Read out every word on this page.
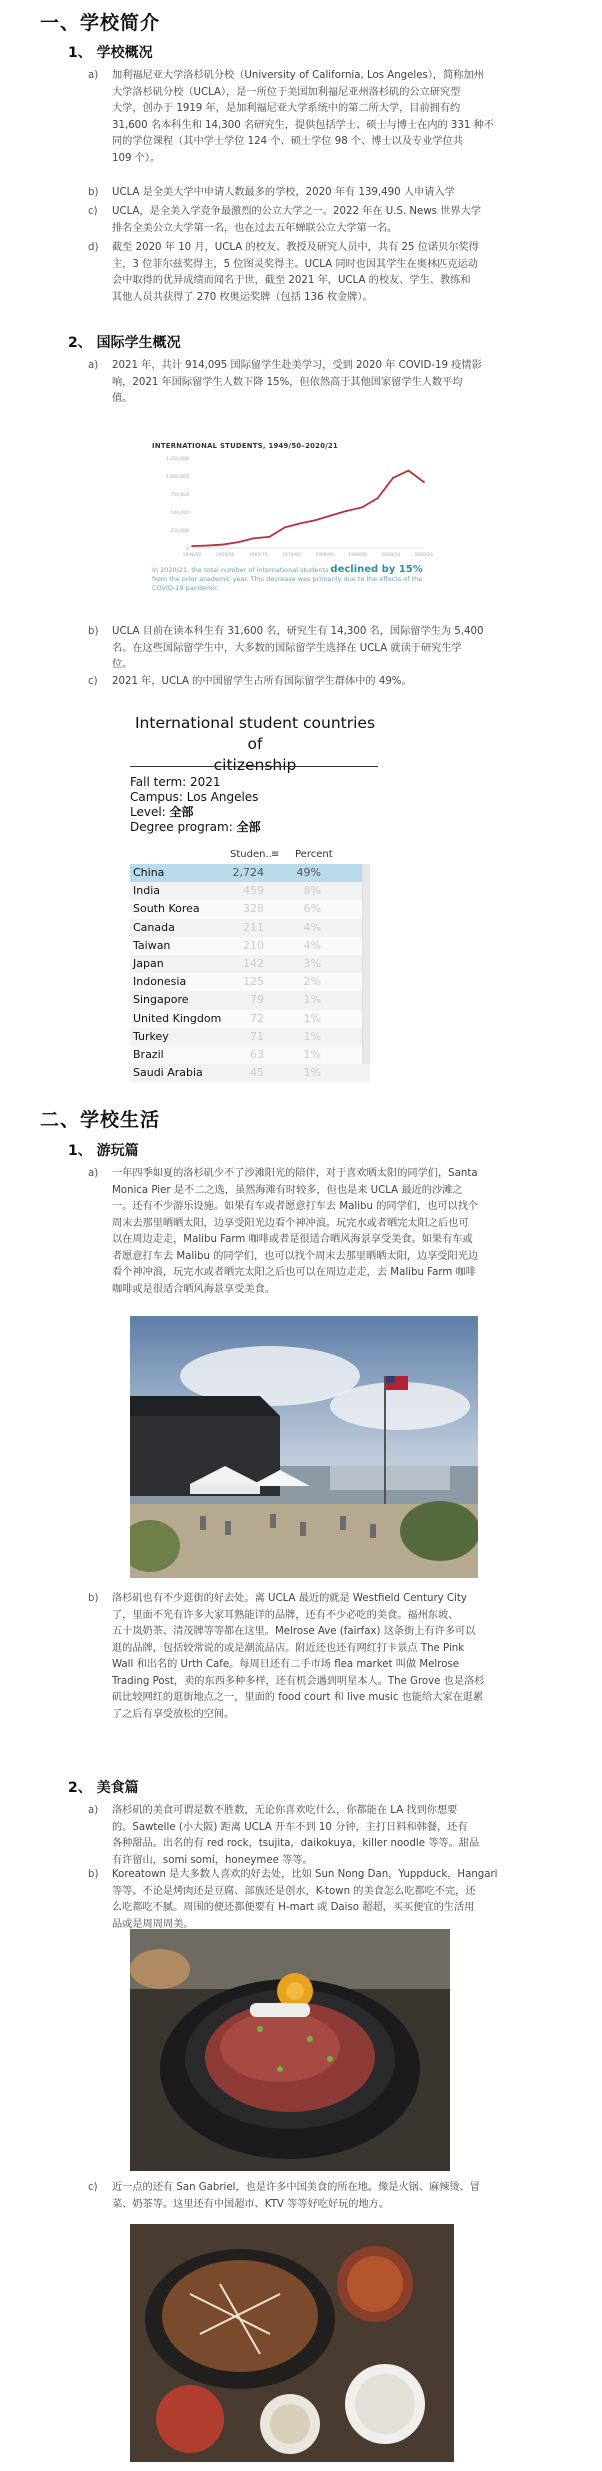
一、学校简介
1、 学校概况
a) 加利福尼亚大学洛杉矶分校（University of California, Los Angeles），简称加州
大学洛杉矶分校（UCLA），是一所位于美国加利福尼亚州洛杉矶的公立研究型
大学，创办于 1919 年，是加利福尼亚大学系统中的第二所大学，目前拥有约
31,600 名本科生和 14,300 名研究生，提供包括学士、硕士与博士在内的 331 种不
同的学位课程（其中学士学位 124 个、硕士学位 98 个、博士以及专业学位共
109 个）。
b) UCLA 是全美大学中申请人数最多的学校，2020 年有 139,490 人申请入学
c) UCLA，是全美入学竞争最激烈的公立大学之一。2022 年在 U.S. News 世界大学
排名全美公立大学第一名，也在过去五年蝉联公立大学第一名。
d) 截至 2020 年 10 月，UCLA 的校友、教授及研究人员中，共有 25 位诺贝尔奖得
主，3 位菲尔兹奖得主，5 位图灵奖得主。UCLA 同时也因其学生在奥林匹克运动
会中取得的优异成绩而闻名于世，截至 2021 年，UCLA 的校友、学生、教练和
其他人员共获得了 270 枚奥运奖牌（包括 136 枚金牌）。
2、 国际学生概况
a) 2021 年，共计 914,095 国际留学生赴美学习，受到 2020 年 COVID-19 疫情影
响，2021 年国际留学生人数下降 15%，但依然高于其他国家留学生人数平均
值。
b) UCLA 目前在读本科生有 31,600 名，研究生有 14,300 名，国际留学生为 5,400
名。在这些国际留学生中，大多数的国际留学生选择在 UCLA 就读于研究生学
位。
c) 2021 年，UCLA 的中国留学生占所有国际留学生群体中的 49%。
INTERNATIONAL STUDENTS, 1949/50–2020/21
1,250,000
1,000,000
750,000
500,000
250,000
0
1949/50	1959/60	1969/70	1979/80	1989/90	1999/00	2009/10	2020/21
In 2020/21, the total number of international students declined by 15% from the prior academic year. This decrease was primarily due to the effects of the COVID-19 pandemic.
International student countries of
citizenship
Fall term: 2021
Campus: Los Angeles
Level: 全部
Degree program: 全部
Studen.. ≡ Percent
China	2,724	49%
India	459	8%
South Korea	328	6%
Canada	211	4%
Taiwan	210	4%
Japan	142	3%
Indonesia	125	2%
Singapore	79	1%
United Kingdom	72	1%
Turkey	71	1%
Brazil	63	1%
Saudi Arabia	45	1%
二、学校生活
1、 游玩篇
a) 一年四季如夏的洛杉矶少不了沙滩阳光的陪伴，对于喜欢晒太阳的同学们，Santa
Monica Pier 是不二之选，虽然海滩有时较多，但也是来 UCLA 最近的沙滩之
一。还有不少游乐设施。如果有车或者愿意打车去 Malibu 的同学们，也可以找个
周末去那里晒晒太阳，边享受阳光边看个神冲浪。玩完水或者晒完太阳之后也可
以在周边走走，Malibu Farm 咖啡或者是很适合晒风海景享受美食。如果有车或
者愿意打车去 Malibu 的同学们，也可以找个周末去那里晒晒太阳，边享受阳光边
看个神冲浪，玩完水或者晒完太阳之后也可以在周边走走，去 Malibu Farm 咖啡
咖啡或是很适合晒风海景享受美食。
b) 洛杉矶也有不少逛街的好去处。离 UCLA 最近的就是 Westfield Century City
了，里面不光有许多大家耳熟能详的品牌，还有不少必吃的美食。福州东坡、
五十岚奶茶、清茂牌等等都在这里。Melrose Ave (fairfax) 这条街上有许多可以
逛的品牌，包括较常说的或是潮流品店。附近还也还有网红打卡景点 The Pink
Wall 和出名的 Urth Cafe。每周日还有二手市场 flea market 叫做 Melrose
Trading Post，卖的东西多种多样，还有机会遇到明星本人。The Grove 也是洛杉
矶比较网红的逛街地点之一，里面的 food court 和 live music 也能给大家在逛累
了之后有享受放松的空间。
2、 美食篇
a) 洛杉矶的美食可谓是数不胜数，无论你喜欢吃什么，你都能在 LA 找到你想要
的。Sawtelle (小大阪) 距离 UCLA 开车不到 10 分钟，主打日料和韩餐，还有
各种甜品。出名的有 red rock，tsujita，daikokuya，killer noodle 等等。甜品
有许留山，somi somi，honeymee 等等。
b) Koreatown 是大多数人喜欢的好去处，比如 Sun Nong Dan，Yuppduck，Hangari
等等。不论是烤肉还是豆腐、部族还是创水，K-town 的美食怎么吃都吃不完，还
么吃都吃不腻。周围的便还都便要有 H-mart 或 Daiso 超超，买买便宜的生活用
品或是周周周美。
c) 近一点的还有 San Gabriel，也是许多中国美食的所在地。像是火锅、麻辣烫、冒
菜、奶茶等。这里还有中国超市、KTV 等等好吃好玩的地方。
